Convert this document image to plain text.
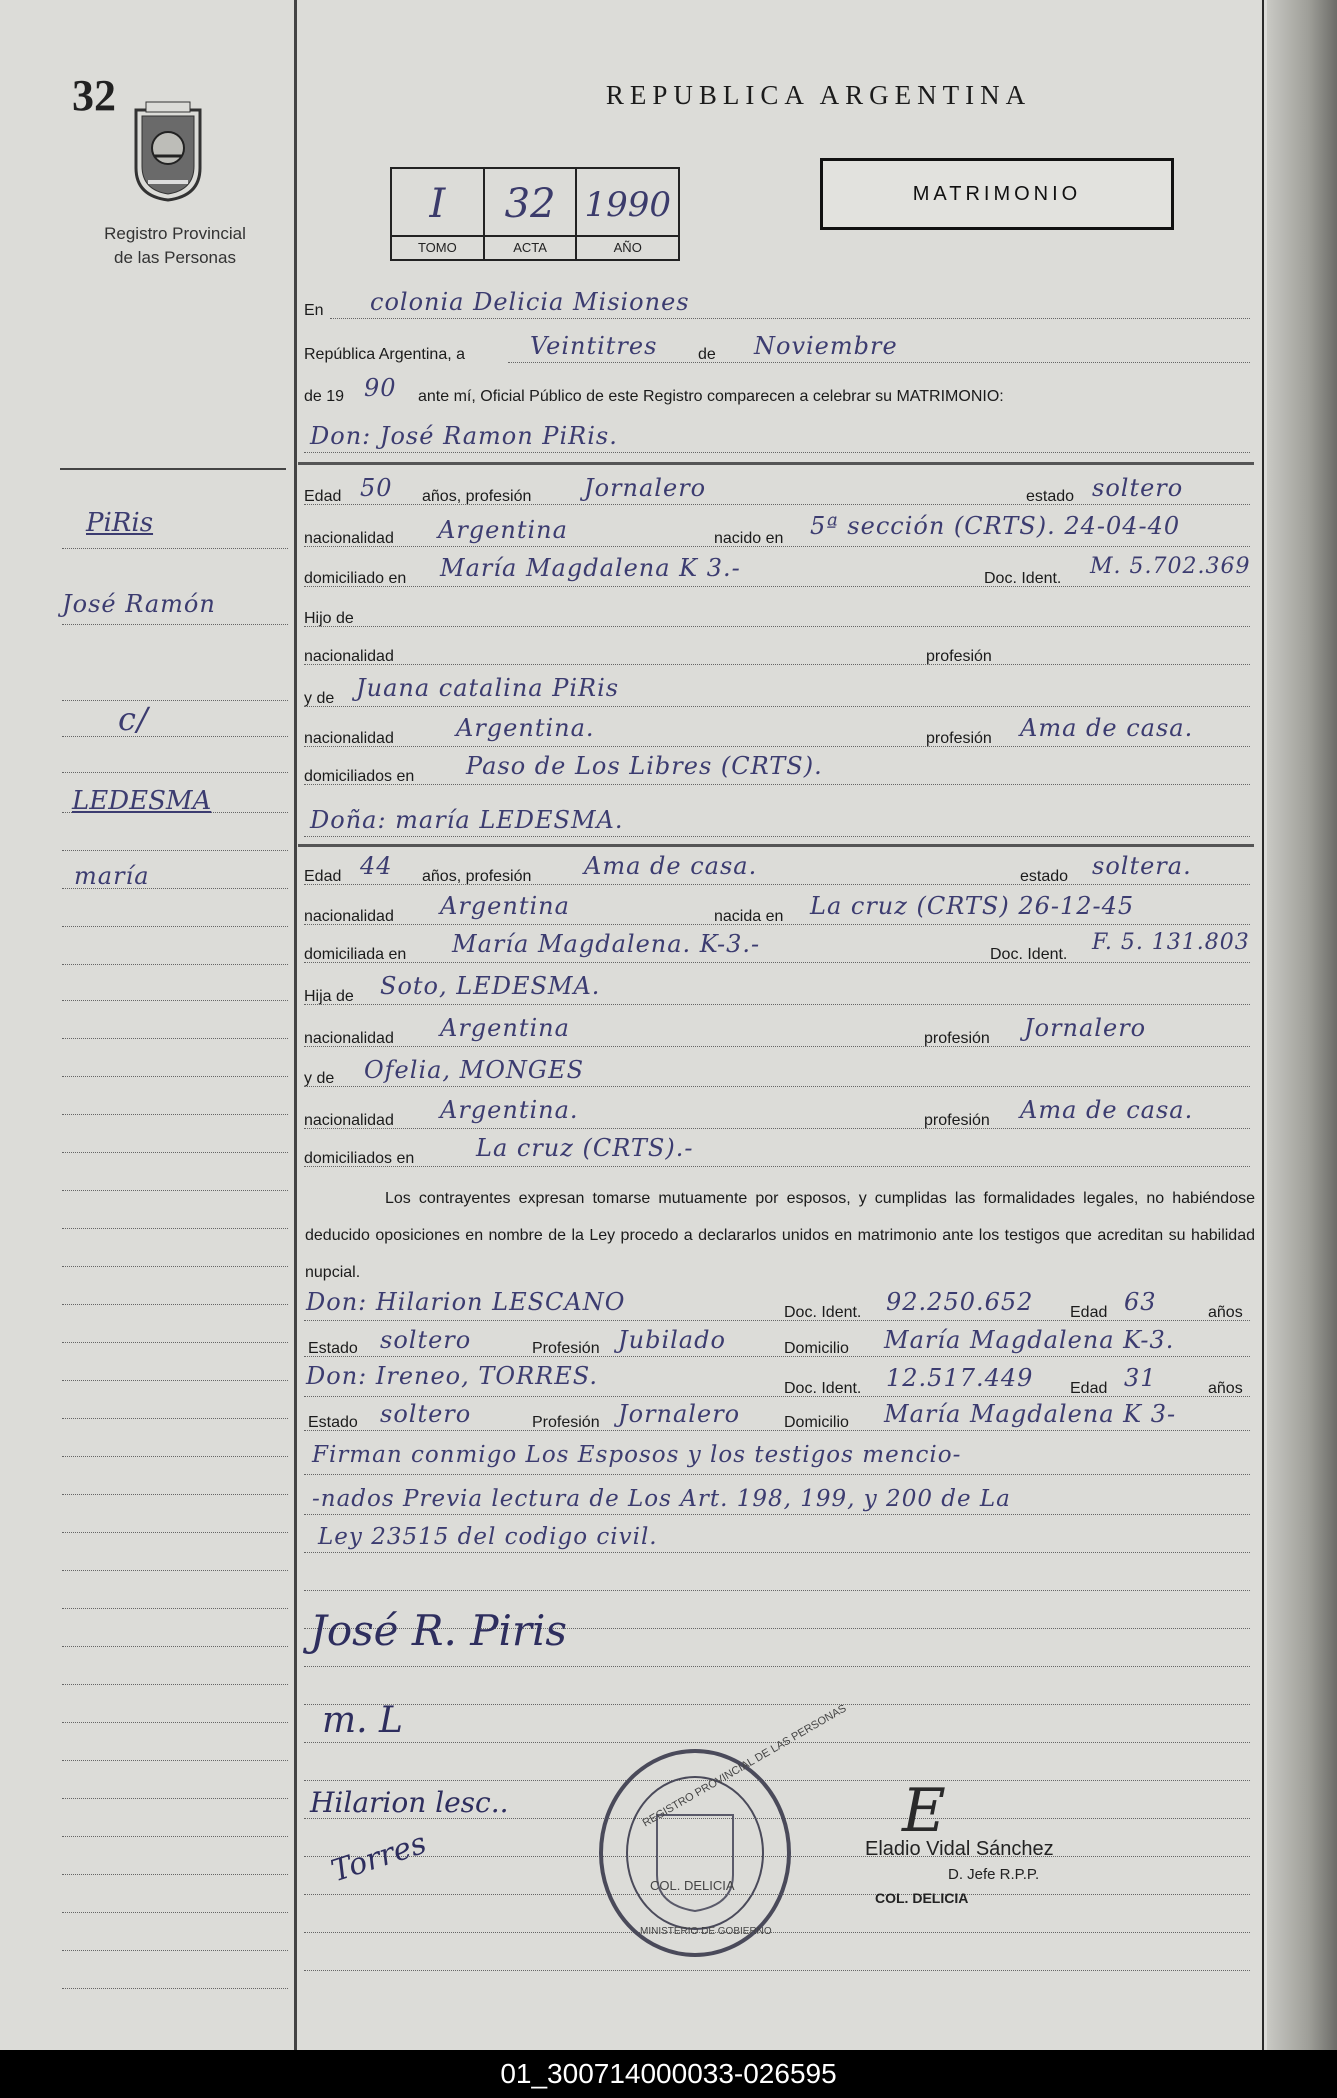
32
Registro Provincial
de las Personas
REPUBLICA ARGENTINA
I
TOMO
32
ACTA
1990
AÑO
MATRIMONIO
PiRis
José Ramón
c/
LEDESMA
maría
En colonia Delicia Misiones
República Argentina, a	Veintitres	de Noviembre
de 19 90 ante mí, Oficial Público de este Registro comparecen a celebrar su MATRIMONIO:
Don: José Ramon PiRis.
Edad 50 años, profesión Jornalero	estado soltero
nacionalidad Argentina	nacido en 5ª sección (CRTS). 24-04-40
domiciliado en María Magdalena K 3.-	Doc. Ident. M. 5.702.369
Hijo de
nacionalidad	profesión
y de Juana catalina PiRis
nacionalidad	Argentina.	profesión Ama de casa.
domiciliados en Paso de Los Libres (CRTS).
Doña: maría LEDESMA.
Edad 44 años, profesión Ama de casa.	estado soltera.
nacionalidad Argentina	nacida en La cruz (CRTS) 26-12-45
domiciliada en María Magdalena. K-3.-	Doc. Ident. F. 5. 131.803
Hija de Soto, LEDESMA.
nacionalidad Argentina	profesión Jornalero
y de Ofelia, MONGES
nacionalidad Argentina.	profesión Ama de casa.
domiciliados en	La cruz (CRTS).-
Los contrayentes expresan tomarse mutuamente por esposos, y cumplidas las formalidades legales, no habiéndose deducido oposiciones en nombre de la Ley procedo a declararlos unidos en matrimonio ante los testigos que acreditan su habilidad nupcial.
Don: Hilarion LESCANO	Doc. Ident. 92.250.652 Edad 63	años
Estado soltero	Profesión Jubilado	Domicilio María Magdalena K-3.
Don: Ireneo, TORRES.	Doc. Ident. 12.517.449 Edad 31	años
Estado soltero	Profesión Jornalero	Domicilio María Magdalena K 3-
Firman conmigo Los Esposos y los testigos mencio-
-nados Previa lectura de Los Art. 198, 199, y 200 de La
Ley 23515 del codigo civil.
José R. Piris
m. L
Hilarion lesc..
Torres
REGISTRO PROVINCIAL DE LAS PERSONAS
COL. DELICIA
MINISTERIO DE GOBIERNO
E
Eladio Vidal Sánchez
D. Jefe R.P.P.
COL. DELICIA
01_300714000033-026595
